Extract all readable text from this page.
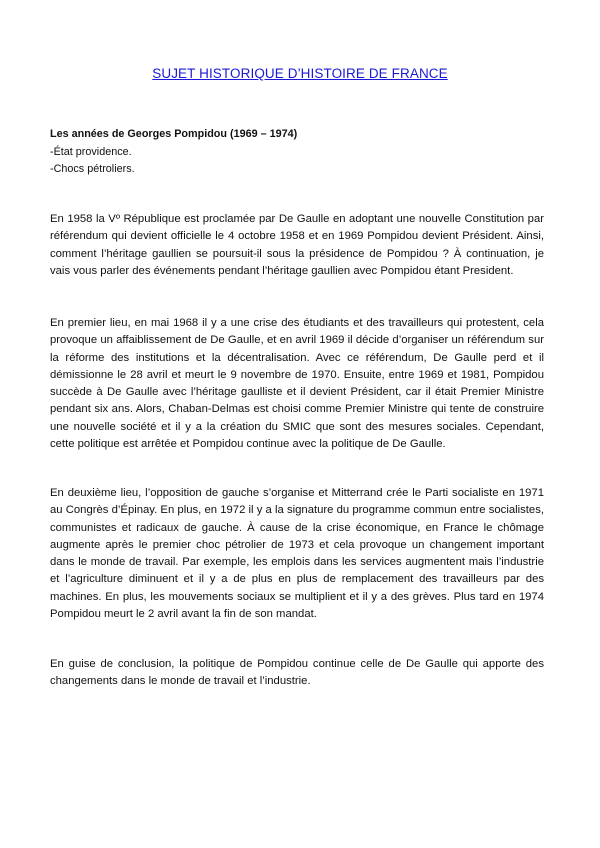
SUJET HISTORIQUE D’HISTOIRE DE FRANCE
Les années de Georges Pompidou (1969 – 1974)
-État providence.
-Chocs pétroliers.
En 1958 la Vº République est proclamée par De Gaulle en adoptant une nouvelle Constitution par référendum qui devient officielle le 4 octobre 1958 et en 1969 Pompidou devient Président. Ainsi, comment l’héritage gaullien se poursuit-il sous la présidence de Pompidou ? À continuation, je vais vous parler des événements pendant l’héritage gaullien avec Pompidou étant President.
En premier lieu, en mai 1968 il y a une crise des étudiants et des travailleurs qui protestent, cela provoque un affaiblissement de De Gaulle, et en avril 1969 il décide d’organiser un référendum sur la réforme des institutions et la décentralisation. Avec ce référendum, De Gaulle perd et il démissionne le 28 avril et meurt le 9 novembre de 1970. Ensuite, entre 1969 et 1981, Pompidou succède à De Gaulle avec l’héritage gaulliste et il devient Président, car il était Premier Ministre pendant six ans. Alors, Chaban-Delmas est choisi comme Premier Ministre qui tente de construire une nouvelle société et il y a la création du SMIC que sont des mesures sociales. Cependant, cette politique est arrêtée et Pompidou continue avec la politique de De Gaulle.
En deuxième lieu, l’opposition de gauche s’organise et Mitterrand crée le Parti socialiste en 1971 au Congrès d’Épinay. En plus, en 1972 il y a la signature du programme commun entre socialistes, communistes et radicaux de gauche. À cause de la crise économique, en France le chômage augmente après le premier choc pétrolier de 1973 et cela provoque un changement important dans le monde de travail. Par exemple, les emplois dans les services augmentent mais l’industrie et l’agriculture diminuent et il y a de plus en plus de remplacement des travailleurs par des machines. En plus, les mouvements sociaux se multiplient et il y a des grèves. Plus tard en 1974 Pompidou meurt le 2 avril avant la fin de son mandat.
En guise de conclusion, la politique de Pompidou continue celle de De Gaulle qui apporte des changements dans le monde de travail et l’industrie.
